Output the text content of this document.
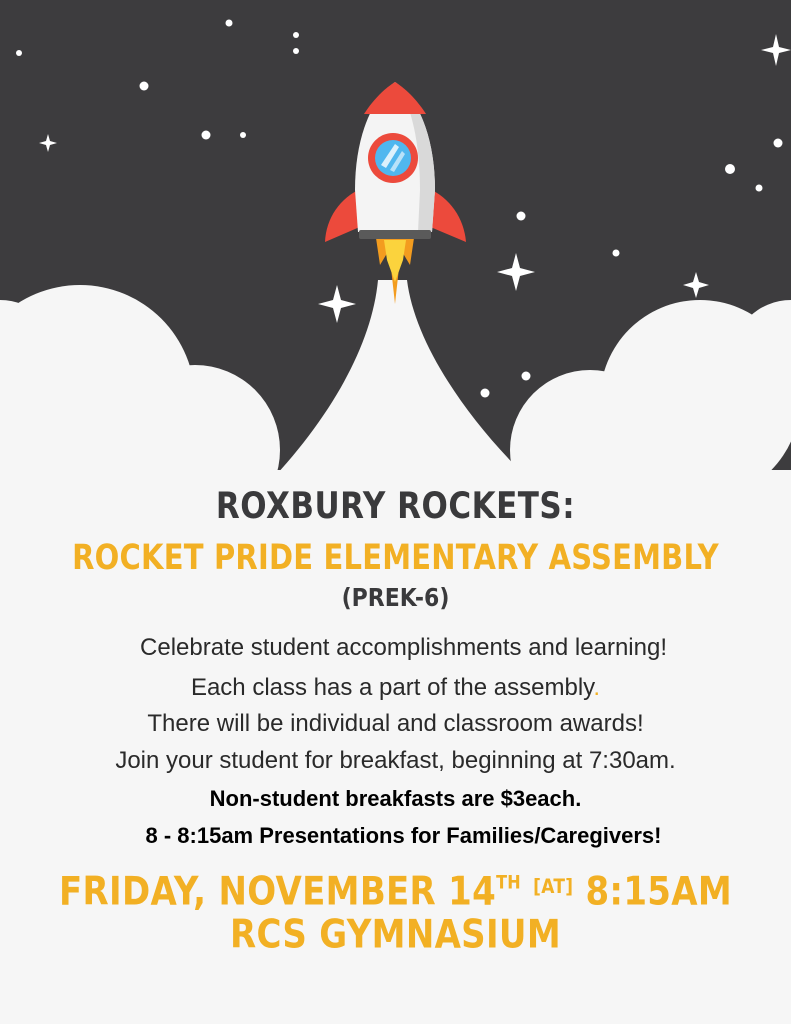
ROXBURY ROCKETS:

ROCKET PRIDE ELEMENTARY ASSEMBLY

(PREK-6)

Celebrate student accomplishments and learning!

Each class has a part of the assembly.

There will be individual and classroom awards!

Join your student for breakfast, beginning at 7:30am.

Non-student breakfasts are $3each.

8 - 8:15am Presentations for Families/Caregivers!

FRIDAY, NOVEMBER 14TH [AT] 8:15AM

RCS GYMNASIUM
